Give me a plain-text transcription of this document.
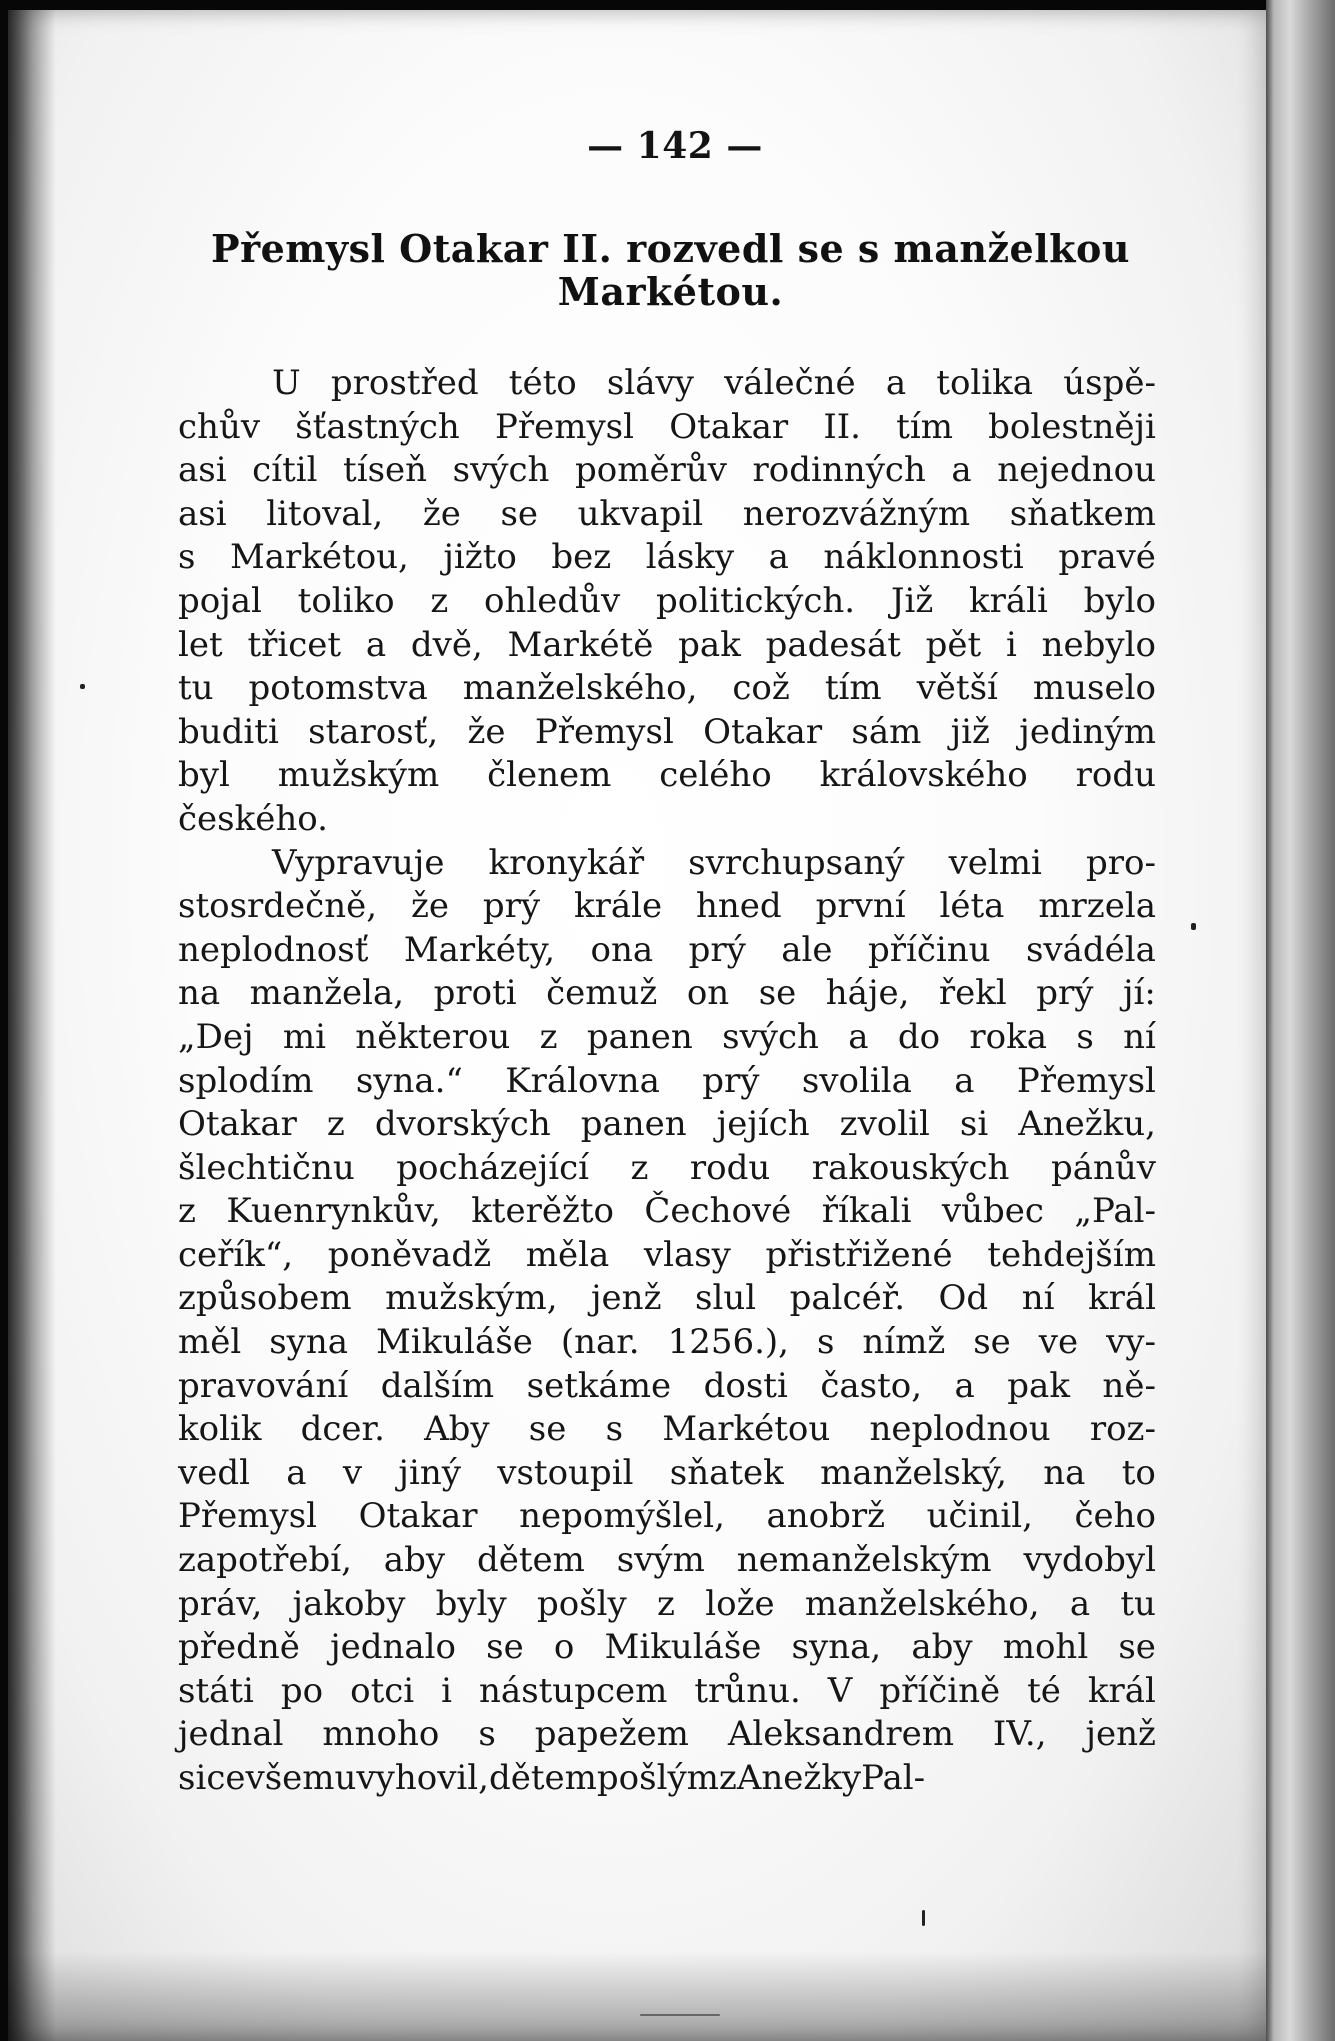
— 142 —
Přemysl Otakar II. rozvedl se s manželkou Markétou.
U prostřed této slávy válečné a tolika úspě-
chův šťastných Přemysl Otakar II. tím bolestněji
asi cítil tíseň svých poměrův rodinných a nejednou
asi litoval, že se ukvapil nerozvážným sňatkem
s Markétou, jižto bez lásky a náklonnosti pravé
pojal toliko z ohledův politických. Již králi bylo
let třicet a dvě, Markétě pak padesát pět i nebylo
tu potomstva manželského, což tím větší muselo
buditi starosť, že Přemysl Otakar sám již jediným
byl mužským členem celého královského rodu
českého.
Vypravuje kronykář svrchupsaný velmi pro-
stosrdečně, že prý krále hned první léta mrzela
neplodnosť Markéty, ona prý ale příčinu svádéla
na manžela, proti čemuž on se háje, řekl prý jí:
„Dej mi některou z panen svých a do roka s ní
splodím syna.“ Královna prý svolila a Přemysl
Otakar z dvorských panen jejích zvolil si Anežku,
šlechtičnu pocházející z rodu rakouských pánův
z Kuenrynkův, kterěžto Čechové říkali vůbec „Pal-
ceřík“, poněvadž měla vlasy přistřižené tehdejším
způsobem mužským, jenž slul palcéř. Od ní král
měl syna Mikuláše (nar. 1256.), s nímž se ve vy-
pravování dalším setkáme dosti často, a pak ně-
kolik dcer. Aby se s Markétou neplodnou roz-
vedl a v jiný vstoupil sňatek manželský, na to
Přemysl Otakar nepomýšlel, anobrž učinil, čeho
zapotřebí, aby dětem svým nemanželským vydobyl
práv, jakoby byly pošly z lože manželského, a tu
předně jednalo se o Mikuláše syna, aby mohl se
státi po otci i nástupcem trůnu. V příčině té král
jednal mnoho s papežem Aleksandrem IV., jenž
sice všemu vyhovil, dětem pošlým z Anežky Pal-
